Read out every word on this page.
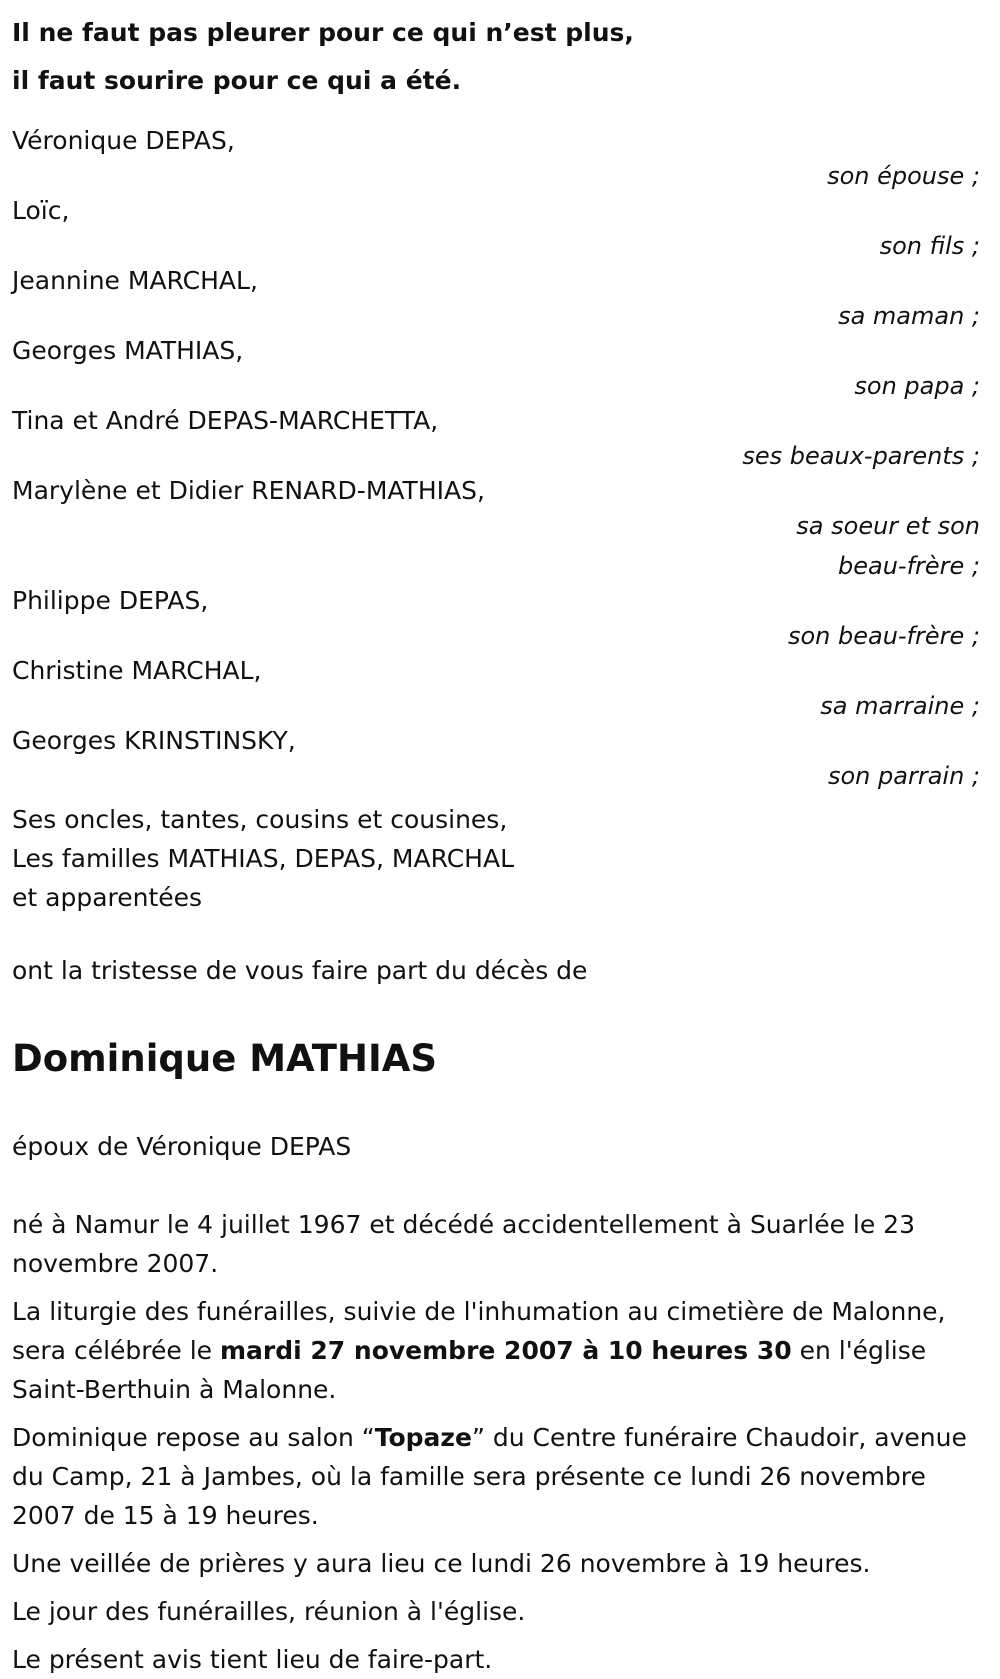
Il ne faut pas pleurer pour ce qui n’est plus,
il faut sourire pour ce qui a été.
Véronique DEPAS,
son épouse ;
Loïc,
son fils ;
Jeannine MARCHAL,
sa maman ;
Georges MATHIAS,
son papa ;
Tina et André DEPAS-MARCHETTA,
ses beaux-parents ;
Marylène et Didier RENARD-MATHIAS,
sa soeur et son
beau-frère ;
Philippe DEPAS,
son beau-frère ;
Christine MARCHAL,
sa marraine ;
Georges KRINSTINSKY,
son parrain ;
Ses oncles, tantes, cousins et cousines,
Les familles MATHIAS, DEPAS, MARCHAL
et apparentées
ont la tristesse de vous faire part du décès de
Dominique MATHIAS
époux de Véronique DEPAS

né à Namur le 4 juillet 1967 et décédé accidentellement à Suarlée le 23 novembre 2007.

La liturgie des funérailles, suivie de l'inhumation au cimetière de Malonne, sera célébrée le mardi 27 novembre 2007 à 10 heures 30 en l'église Saint-Berthuin à Malonne.

Dominique repose au salon “Topaze” du Centre funéraire Chaudoir, avenue du Camp, 21 à Jambes, où la famille sera présente ce lundi 26 novembre 2007 de 15 à 19 heures.

Une veillée de prières y aura lieu ce lundi 26 novembre à 19 heures.

Le jour des funérailles, réunion à l'église.

Le présent avis tient lieu de faire-part.
